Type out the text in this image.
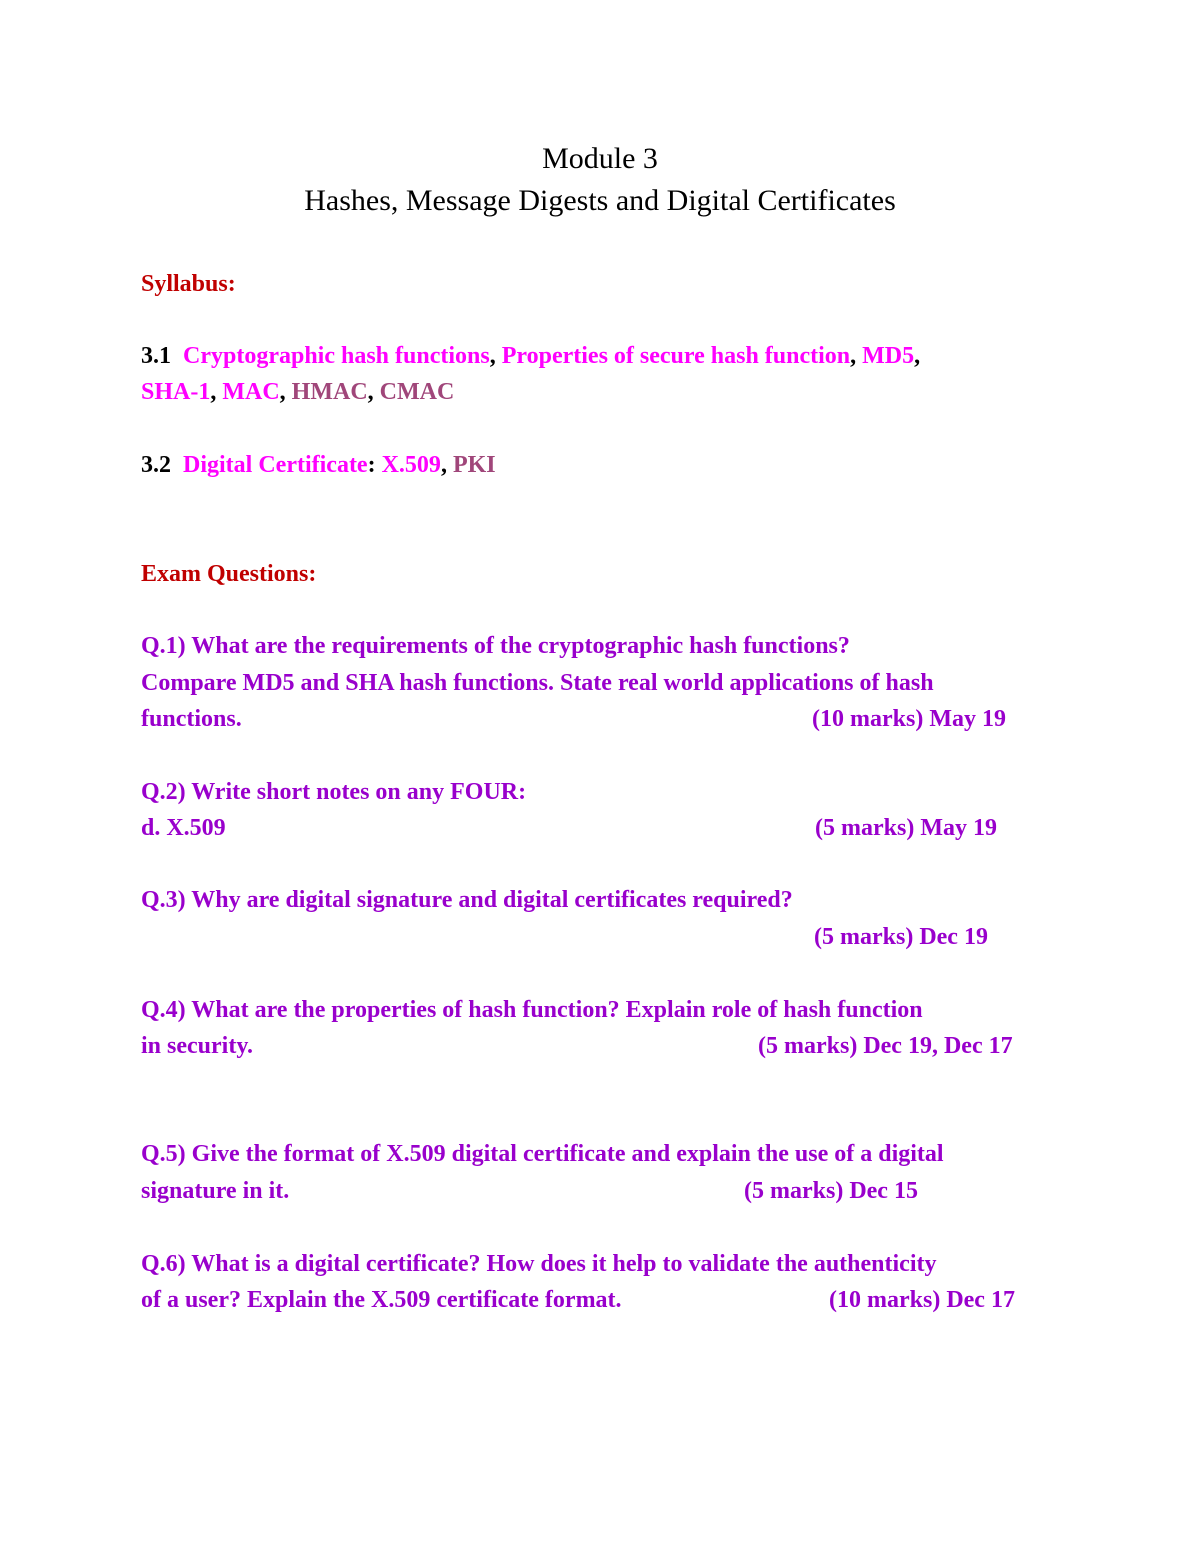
Module 3
Hashes, Message Digests and Digital Certificates
Syllabus:
3.1 Cryptographic hash functions, Properties of secure hash function, MD5,
SHA-1, MAC, HMAC, CMAC
3.2 Digital Certificate: X.509, PKI
Exam Questions:
Q.1) What are the requirements of the cryptographic hash functions?
Compare MD5 and SHA hash functions. State real world applications of hash
functions.	(10 marks) May 19
Q.2) Write short notes on any FOUR:
d. X.509	(5 marks) May 19
Q.3) Why are digital signature and digital certificates required?
(5 marks) Dec 19
Q.4) What are the properties of hash function? Explain role of hash function
in security.	(5 marks) Dec 19, Dec 17
Q.5) Give the format of X.509 digital certificate and explain the use of a digital
signature in it.	(5 marks) Dec 15
Q.6) What is a digital certificate? How does it help to validate the authenticity
of a user? Explain the X.509 certificate format.	(10 marks) Dec 17
